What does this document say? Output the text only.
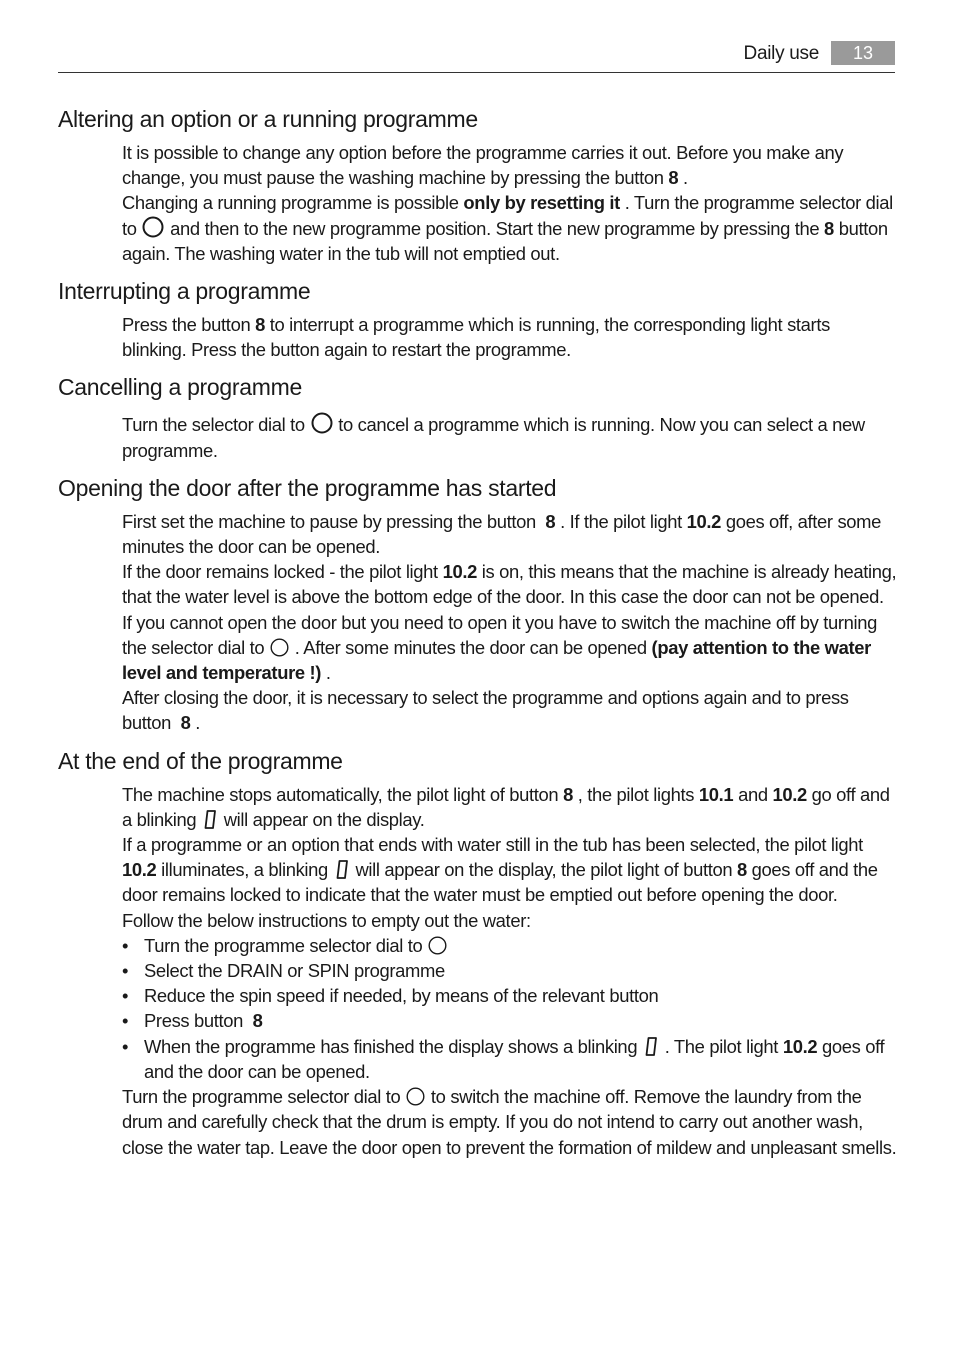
Daily use	13
Altering an option or a running programme

It is possible to change any option before the programme carries it out. Before you make any change, you must pause the washing machine by pressing the button 8 .

Changing a running programme is possible only by resetting it . Turn the programme selector dial to and then to the new programme position. Start the new programme by pressing the 8 button again. The washing water in the tub will not emptied out.

Interrupting a programme

Press the button 8 to interrupt a programme which is running, the corresponding light starts blinking. Press the button again to restart the programme.

Cancelling a programme

Turn the selector dial to to cancel a programme which is running. Now you can select a new programme.

Opening the door after the programme has started

First set the machine to pause by pressing the button 8 . If the pilot light 10.2 goes off, after some minutes the door can be opened.

If the door remains locked - the pilot light 10.2 is on, this means that the machine is already heating, that the water level is above the bottom edge of the door. In this case the door can not be opened. If you cannot open the door but you need to open it you have to switch the machine off by turning the selector dial to . After some minutes the door can be opened (pay attention to the water level and temperature !) .

After closing the door, it is necessary to select the programme and options again and to press button 8 .

At the end of the programme

The machine stops automatically, the pilot light of button 8 , the pilot lights 10.1 and 10.2 go off and a blinking will appear on the display.

If a programme or an option that ends with water still in the tub has been selected, the pilot light 10.2 illuminates, a blinking will appear on the display, the pilot light of button 8 goes off and the door remains locked to indicate that the water must be emptied out before opening the door.

Follow the below instructions to empty out the water:

• Turn the programme selector dial to
• Select the DRAIN or SPIN programme
• Reduce the spin speed if needed, by means of the relevant button
• Press button 8
• When the programme has finished the display shows a blinking . The pilot light 10.2 goes off and the door can be opened.

Turn the programme selector dial to to switch the machine off. Remove the laundry from the drum and carefully check that the drum is empty. If you do not intend to carry out another wash, close the water tap. Leave the door open to prevent the formation of mildew and unpleasant smells.
